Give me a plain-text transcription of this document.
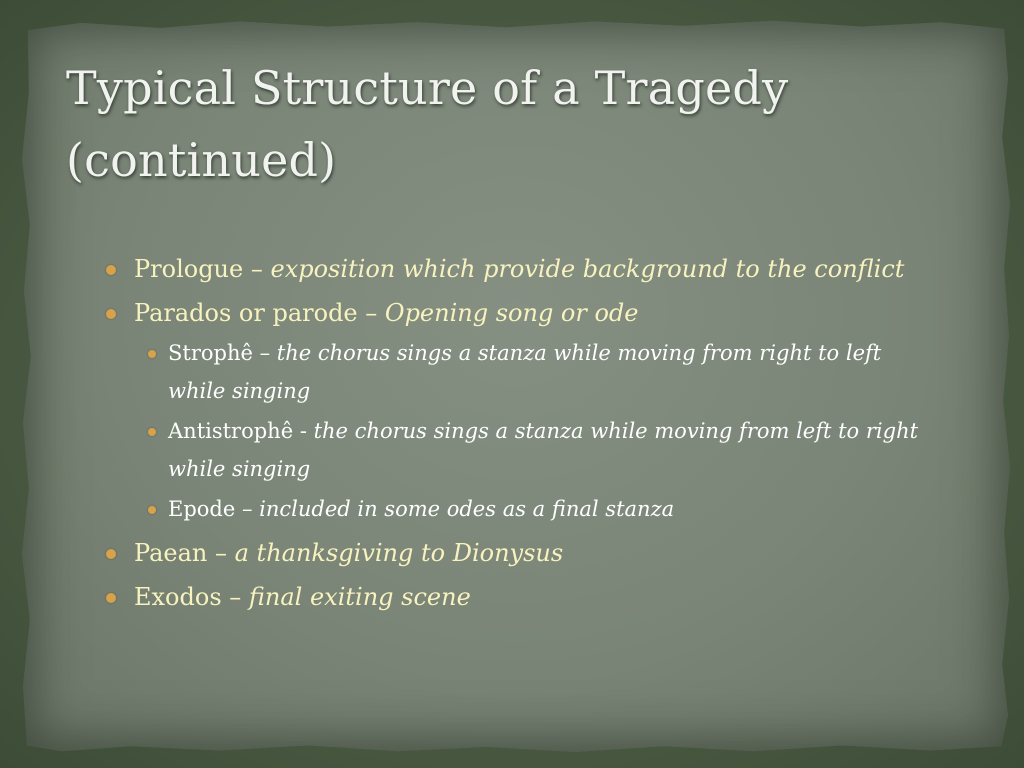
Typical Structure of a Tragedy
(continued)
Prologue – exposition which provide background to the conflict
Parados or parode – Opening song or ode
Strophê – the chorus sings a stanza while moving from right to left while singing
Antistrophê - the chorus sings a stanza while moving from left to right while singing
Epode – included in some odes as a final stanza
Paean – a thanksgiving to Dionysus
Exodos – final exiting scene
